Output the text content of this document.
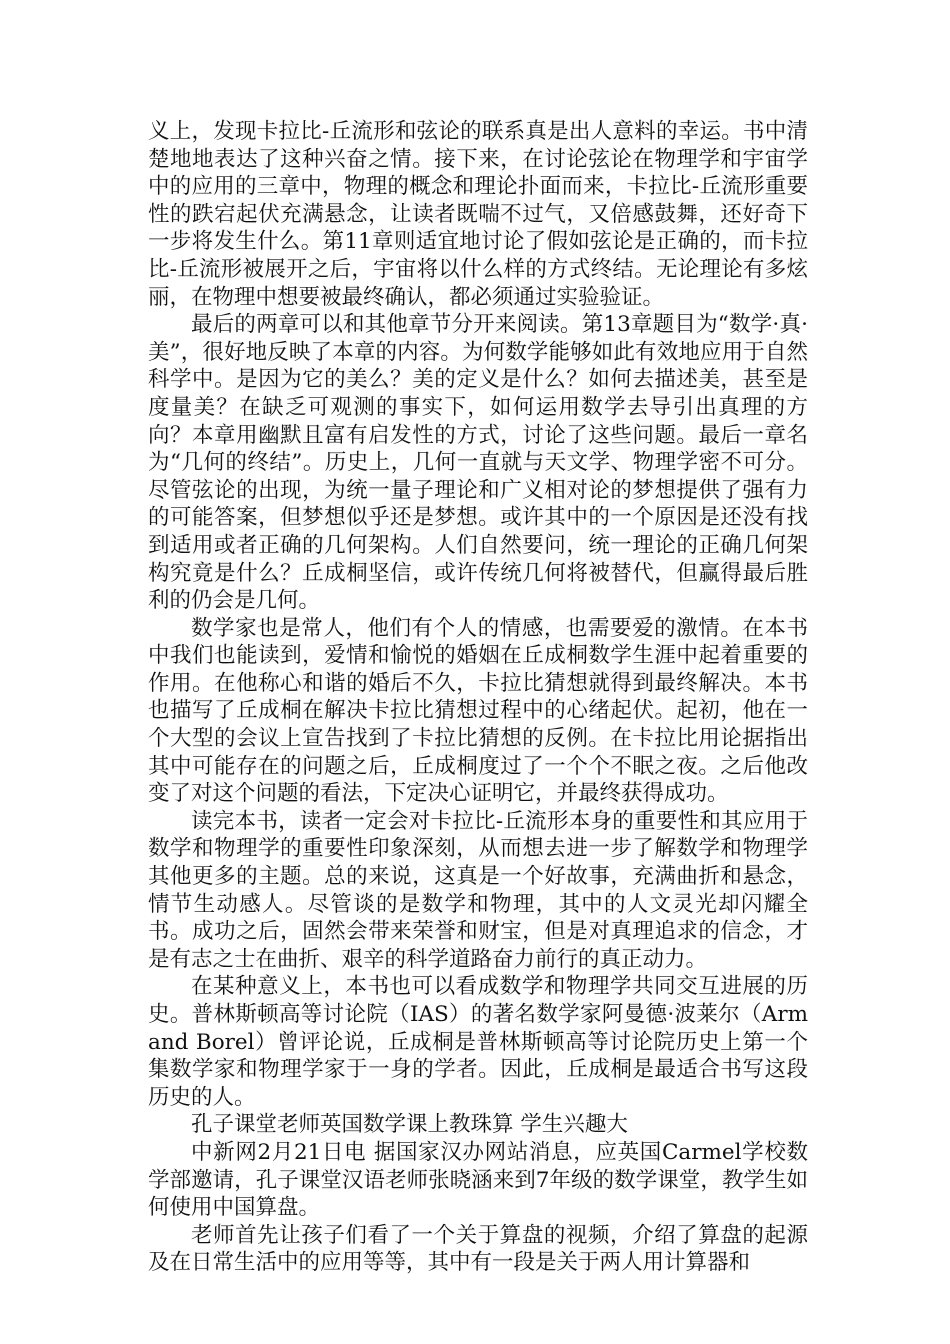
义上，发现卡拉比-丘流形和弦论的联系真是出人意料的幸运。书中清楚地地表达了这种兴奋之情。接下来，在讨论弦论在物理学和宇宙学中的应用的三章中，物理的概念和理论扑面而来，卡拉比-丘流形重要性的跌宕起伏充满悬念，让读者既喘不过气，又倍感鼓舞，还好奇下一步将发生什么。第11章则适宜地讨论了假如弦论是正确的，而卡拉比-丘流形被展开之后，宇宙将以什么样的方式终结。无论理论有多炫丽，在物理中想要被最终确认，都必须通过实验验证。

最后的两章可以和其他章节分开来阅读。第13章题目为“数学·真·美”，很好地反映了本章的内容。为何数学能够如此有效地应用于自然科学中。是因为它的美么？美的定义是什么？如何去描述美，甚至是度量美？在缺乏可观测的事实下，如何运用数学去导引出真理的方向？本章用幽默且富有启发性的方式，讨论了这些问题。最后一章名为“几何的终结”。历史上，几何一直就与天文学、物理学密不可分。尽管弦论的出现，为统一量子理论和广义相对论的梦想提供了强有力的可能答案，但梦想似乎还是梦想。或许其中的一个原因是还没有找到适用或者正确的几何架构。人们自然要问，统一理论的正确几何架构究竟是什么？丘成桐坚信，或许传统几何将被替代，但赢得最后胜利的仍会是几何。

数学家也是常人，他们有个人的情感，也需要爱的激情。在本书中我们也能读到，爱情和愉悦的婚姻在丘成桐数学生涯中起着重要的作用。在他称心和谐的婚后不久，卡拉比猜想就得到最终解决。本书也描写了丘成桐在解决卡拉比猜想过程中的心绪起伏。起初，他在一个大型的会议上宣告找到了卡拉比猜想的反例。在卡拉比用论据指出其中可能存在的问题之后，丘成桐度过了一个个不眠之夜。之后他改变了对这个问题的看法，下定决心证明它，并最终获得成功。

读完本书，读者一定会对卡拉比-丘流形本身的重要性和其应用于数学和物理学的重要性印象深刻，从而想去进一步了解数学和物理学其他更多的主题。总的来说，这真是一个好故事，充满曲折和悬念，情节生动感人。尽管谈的是数学和物理，其中的人文灵光却闪耀全书。成功之后，固然会带来荣誉和财宝，但是对真理追求的信念，才是有志之士在曲折、艰辛的科学道路奋力前行的真正动力。

在某种意义上，本书也可以看成数学和物理学共同交互进展的历史。普林斯顿高等讨论院（IAS）的著名数学家阿曼德·波莱尔（Armand Borel）曾评论说，丘成桐是普林斯顿高等讨论院历史上第一个集数学家和物理学家于一身的学者。因此，丘成桐是最适合书写这段历史的人。

孔子课堂老师英国数学课上教珠算 学生兴趣大

中新网2月21日电 据国家汉办网站消息，应英国Carmel学校数学部邀请，孔子课堂汉语老师张晓涵来到7年级的数学课堂，教学生如何使用中国算盘。

老师首先让孩子们看了一个关于算盘的视频，介绍了算盘的起源及在日常生活中的应用等等，其中有一段是关于两人用计算器和
